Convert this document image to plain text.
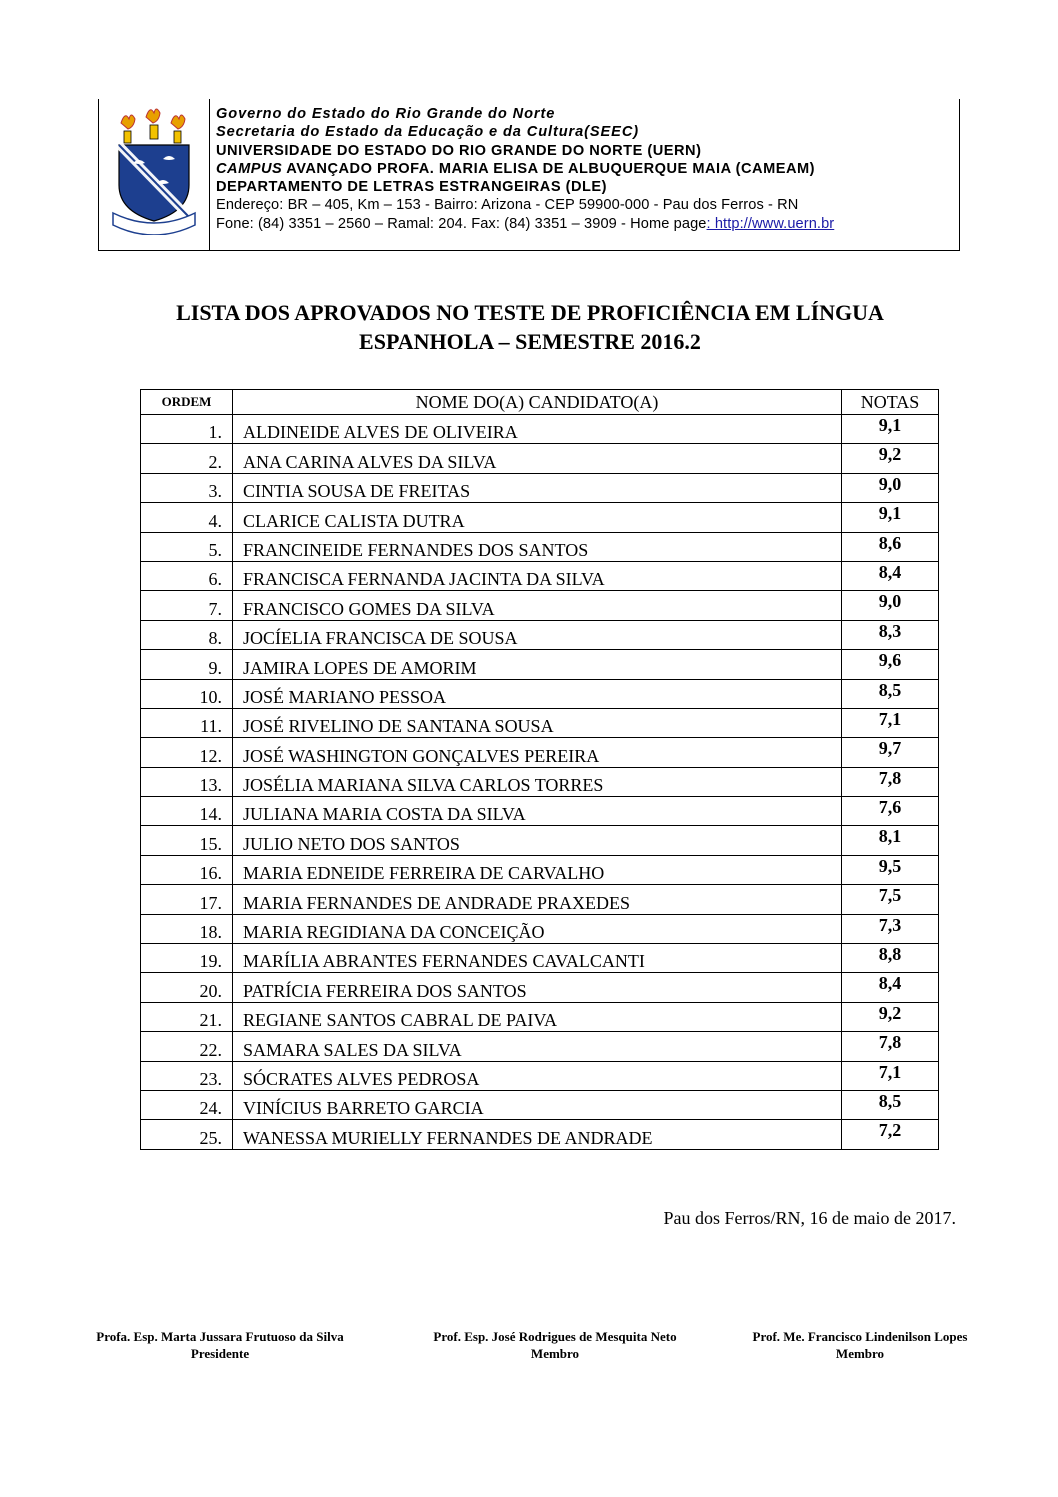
Governo do Estado do Rio Grande do Norte
Secretaria do Estado da Educação e da Cultura(SEEC)
UNIVERSIDADE DO ESTADO DO RIO GRANDE DO NORTE (UERN)
CAMPUS AVANÇADO PROFA. MARIA ELISA DE ALBUQUERQUE MAIA (CAMEAM)
DEPARTAMENTO DE LETRAS ESTRANGEIRAS (DLE)
Endereço: BR – 405, Km – 153 - Bairro: Arizona - CEP 59900-000 - Pau dos Ferros - RN
Fone: (84) 3351 – 2560 – Ramal: 204. Fax: (84) 3351 – 3909 - Home page: http://www.uern.br
LISTA DOS APROVADOS NO TESTE DE PROFICIÊNCIA EM LÍNGUA
ESPANHOLA – SEMESTRE 2016.2
ORDEM	NOME DO(A) CANDIDATO(A)	NOTAS
1.	ALDINEIDE ALVES DE OLIVEIRA	9,1
2.	ANA CARINA ALVES DA SILVA	9,2
3.	CINTIA SOUSA DE FREITAS	9,0
4.	CLARICE CALISTA DUTRA	9,1
5.	FRANCINEIDE FERNANDES DOS SANTOS	8,6
6.	FRANCISCA FERNANDA JACINTA DA SILVA	8,4
7.	FRANCISCO GOMES DA SILVA	9,0
8.	JOCÍELIA FRANCISCA DE SOUSA	8,3
9.	JAMIRA LOPES DE AMORIM	9,6
10.	JOSÉ MARIANO PESSOA	8,5
11.	JOSÉ RIVELINO DE SANTANA SOUSA	7,1
12.	JOSÉ WASHINGTON GONÇALVES PEREIRA	9,7
13.	JOSÉLIA MARIANA SILVA CARLOS TORRES	7,8
14.	JULIANA MARIA COSTA DA SILVA	7,6
15.	JULIO NETO DOS SANTOS	8,1
16.	MARIA EDNEIDE FERREIRA DE CARVALHO	9,5
17.	MARIA FERNANDES DE ANDRADE PRAXEDES	7,5
18.	MARIA REGIDIANA DA CONCEIÇÃO	7,3
19.	MARÍLIA ABRANTES FERNANDES CAVALCANTI	8,8
20.	PATRÍCIA FERREIRA DOS SANTOS	8,4
21.	REGIANE SANTOS CABRAL DE PAIVA	9,2
22.	SAMARA SALES DA SILVA	7,8
23.	SÓCRATES ALVES PEDROSA	7,1
24.	VINÍCIUS BARRETO GARCIA	8,5
25.	WANESSA MURIELLY FERNANDES DE ANDRADE	7,2
Pau dos Ferros/RN, 16 de maio de 2017.
Profa. Esp. Marta Jussara Frutuoso da Silva
Presidente
Prof. Esp. José Rodrigues de Mesquita Neto
Membro
Prof. Me. Francisco Lindenilson Lopes
Membro
